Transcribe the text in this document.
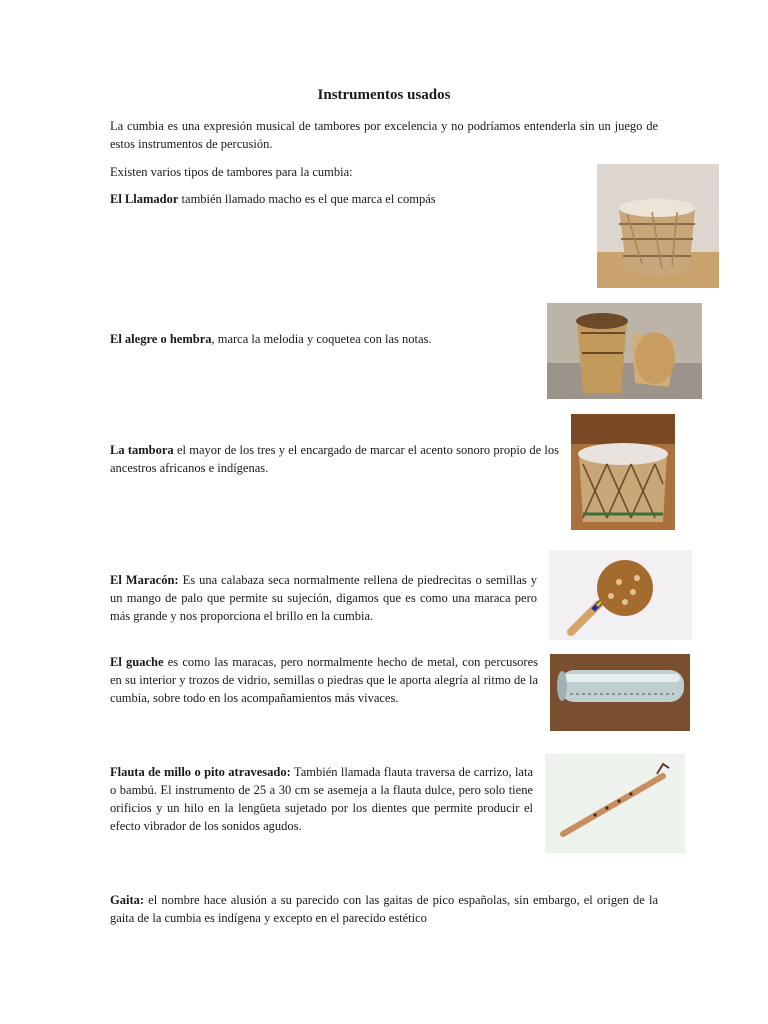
Instrumentos usados

La cumbia es una expresión musical de tambores por excelencia y no podríamos entenderla sin un juego de estos instrumentos de percusión.

Existen varios tipos de tambores para la cumbia:

El Llamador también llamado macho es el que marca el compás

El alegre o hembra, marca la melodia y coquetea con las notas.

La tambora el mayor de los tres y el encargado de marcar el acento sonoro propio de los ancestros africanos e indígenas.

El Maracón: Es una calabaza seca normalmente rellena de piedrecitas o semillas y un mango de palo que permite su sujeción, digamos que es como una maraca pero más grande y nos proporciona el brillo en la cumbia.

El guache es como las maracas, pero normalmente hecho de metal, con percusores en su interior y trozos de vidrio, semillas o piedras que le aporta alegría al ritmo de la cumbia, sobre todo en los acompañamientos más vivaces.

Flauta de millo o pito atravesado: También llamada flauta traversa de carrizo, lata o bambú. El instrumento de 25 a 30 cm se asemeja a la flauta dulce, pero solo tiene orificios y un hilo en la lengüeta sujetado por los dientes que permite producir el efecto vibrador de los sonidos agudos.

Gaita: el nombre hace alusión a su parecido con las gaitas de pico españolas, sin embargo, el origen de la gaita de la cumbia es indígena y excepto en el parecido estético
